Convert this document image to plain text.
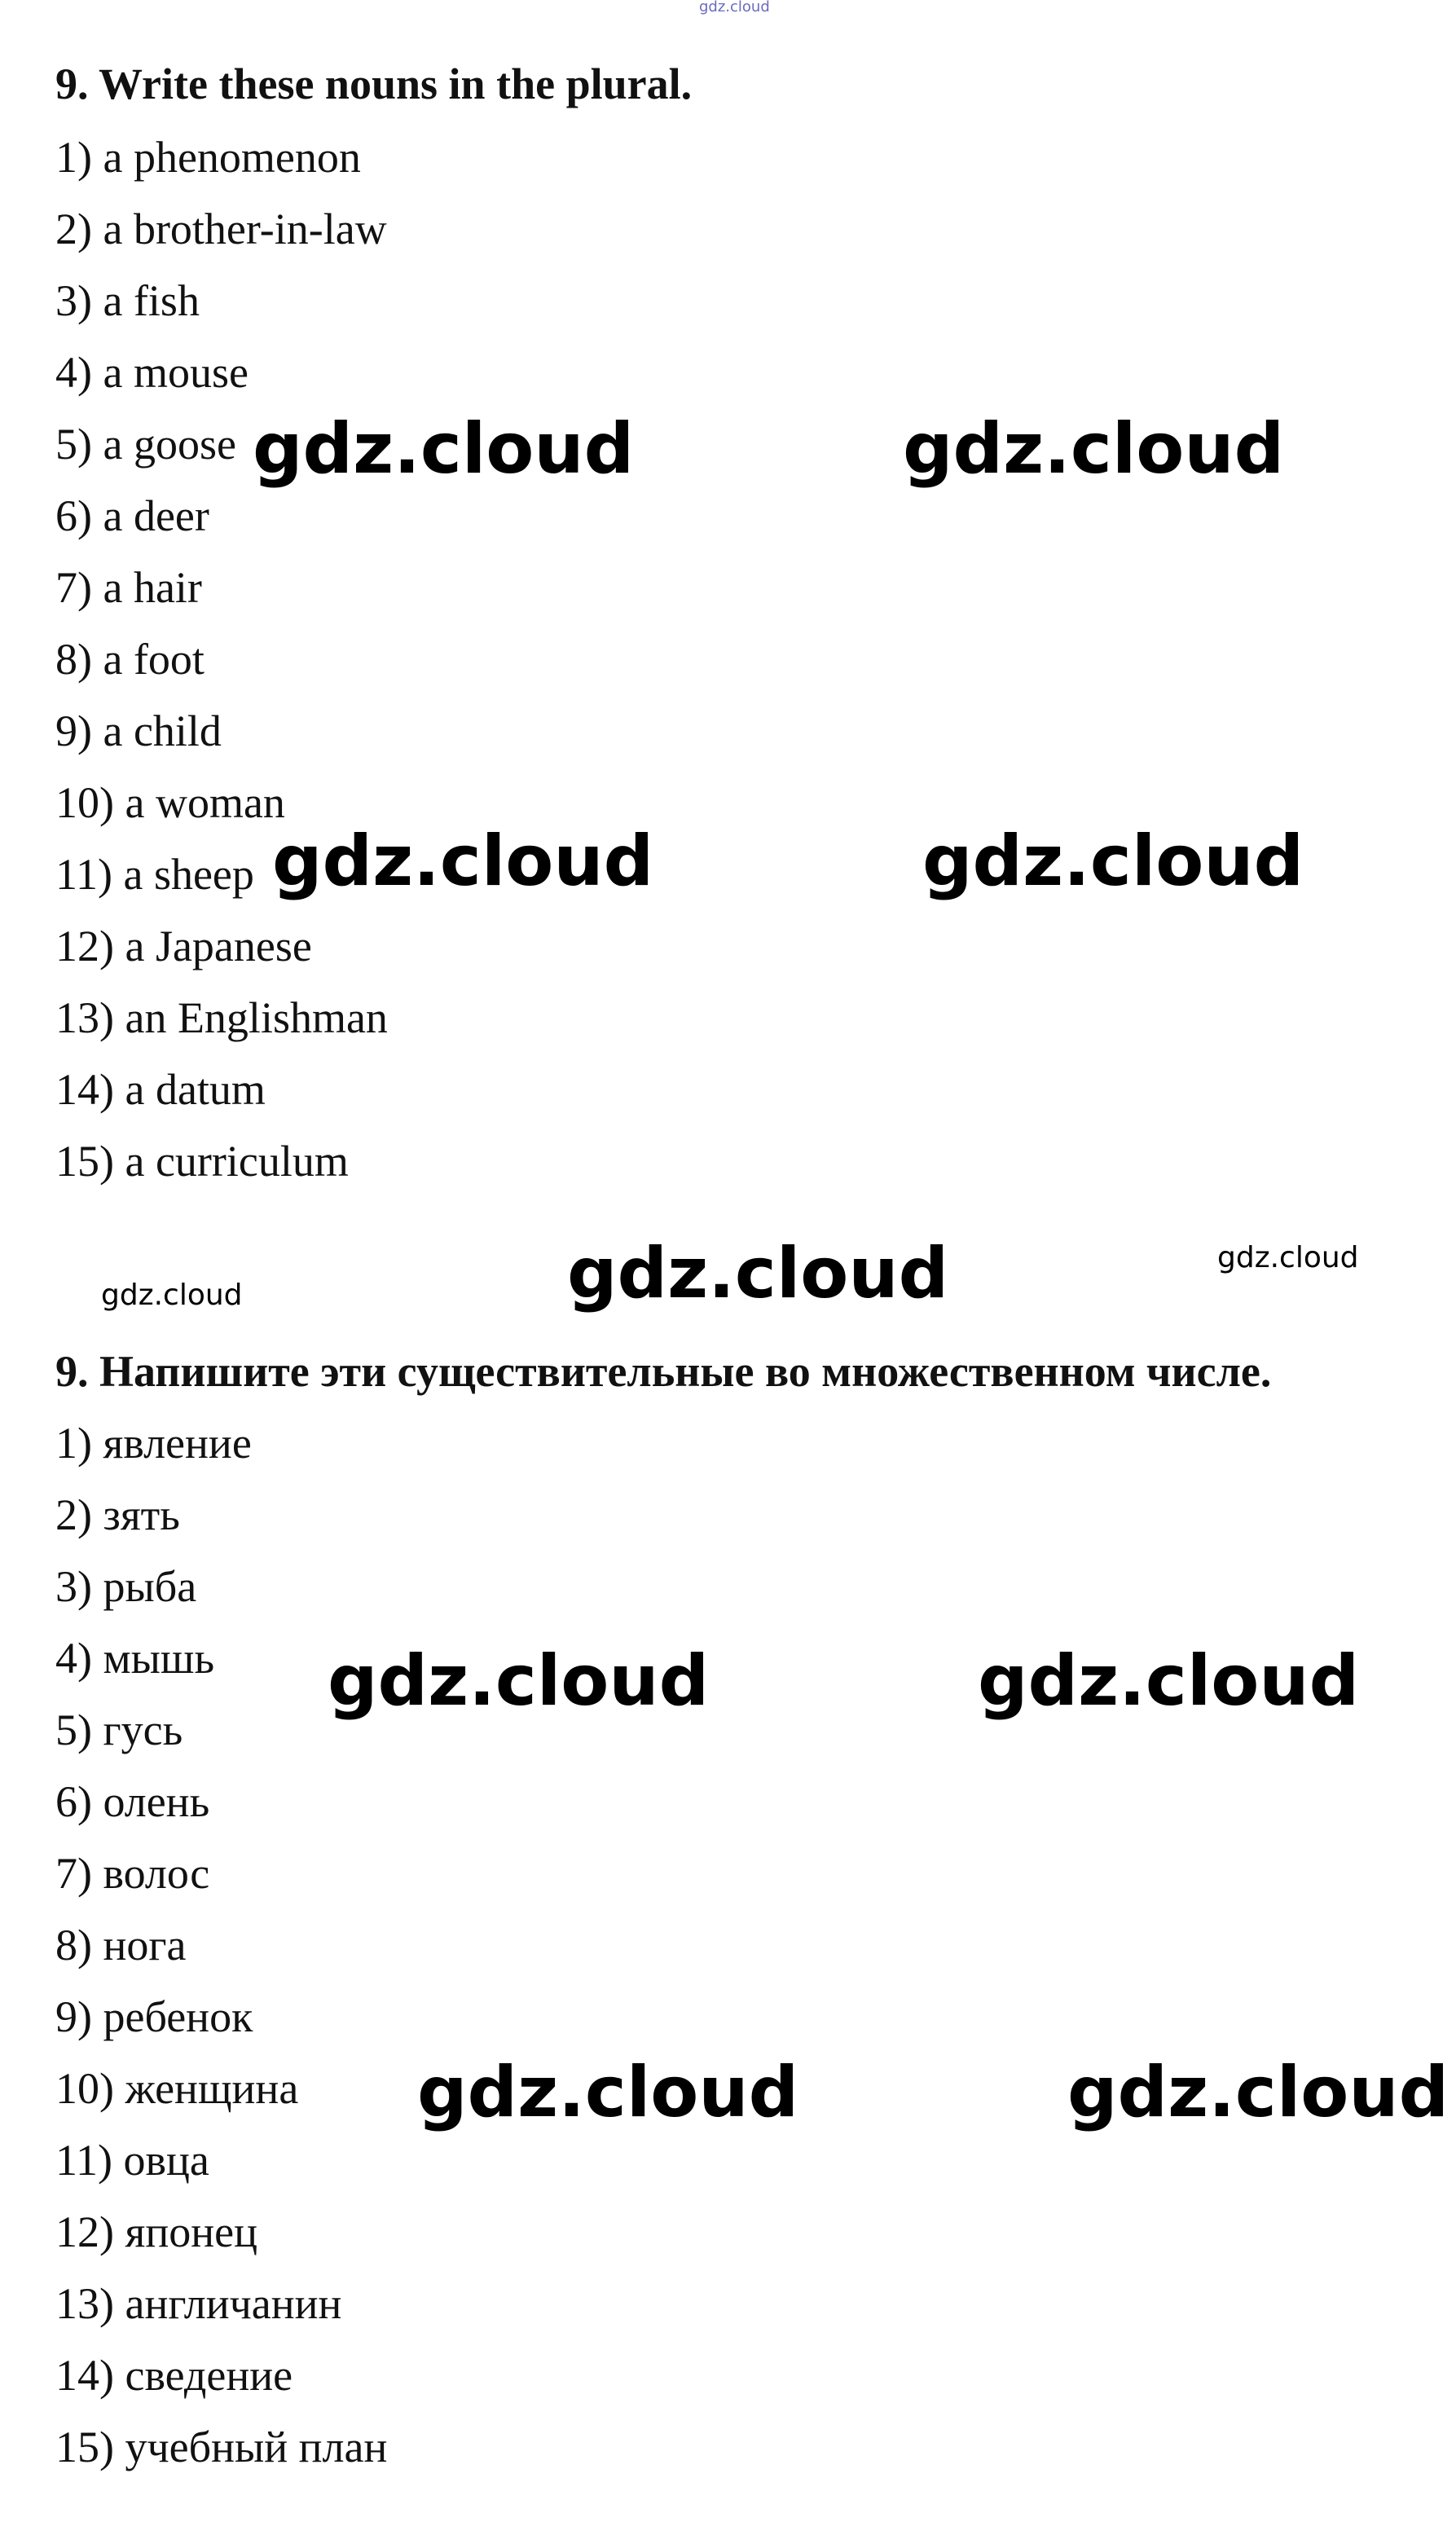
gdz.cloud
9. Write these nouns in the plural.
1) a phenomenon
2) a brother-in-law
3) a fish
4) a mouse
5) a goose
6) a deer
7) a hair
8) a foot
9) a child
10) a woman
11) a sheep
12) a Japanese
13) an Englishman
14) a datum
15) a curriculum
9. Напишите эти существительные во множественном числе.
1) явление
2) зять
3) рыба
4) мышь
5) гусь
6) олень
7) волос
8) нога
9) ребенок
10) женщина
11) овца
12) японец
13) англичанин
14) сведение
15) учебный план
gdz.cloud	gdz.cloud
gdz.cloud	gdz.cloud
gdz.cloud	gdz.cloud
gdz.cloud
gdz.cloud	gdz.cloud
gdz.cloud	gdz.cloud
